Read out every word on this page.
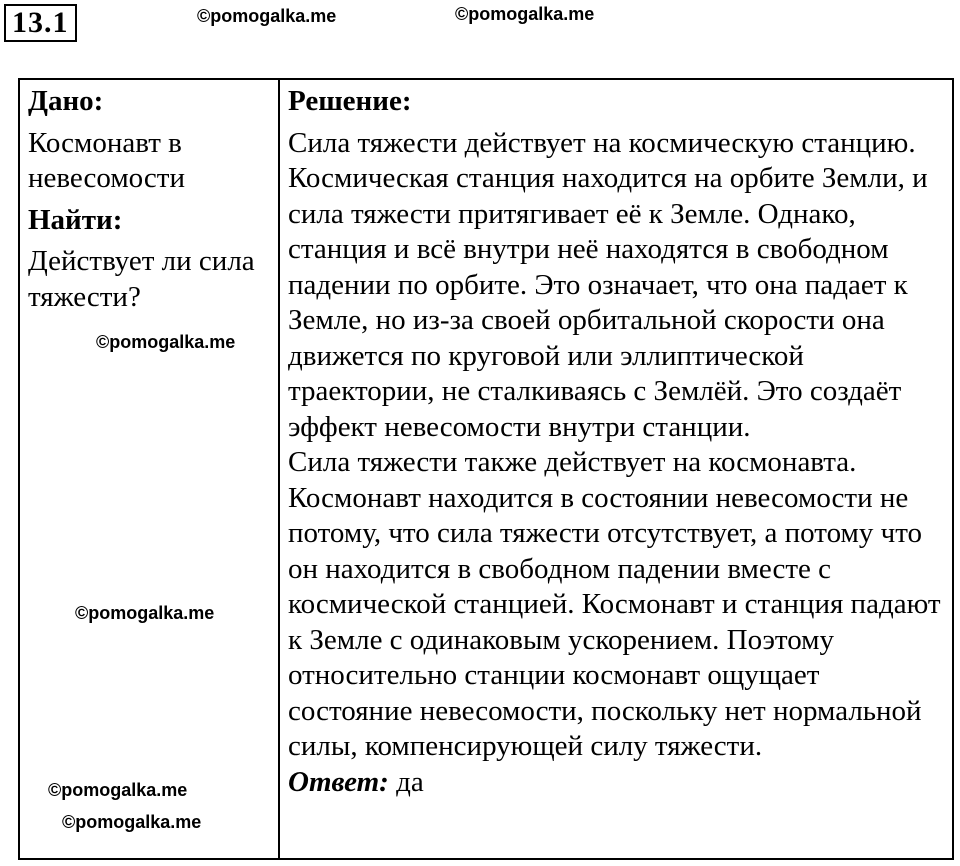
13.1	©pomogalka.me	©pomogalka.me
Дано:
Космонавт в невесомости
Найти:
Действует ли сила тяжести?
Решение:

Сила тяжести действует на космическую станцию. Космическая станция находится на орбите Земли, и сила тяжести притягивает её к Земле. Однако, станция и всё внутри неё находятся в свободном падении по орбите. Это означает, что она падает к Земле, но из-за своей орбитальной скорости она движется по круговой или эллиптической траектории, не сталкиваясь с Землёй. Это создаёт эффект невесомости внутри станции.

Сила тяжести также действует на космонавта. Космонавт находится в состоянии невесомости не потому, что сила тяжести отсутствует, а потому что он находится в свободном падении вместе с космической станцией. Космонавт и станция падают к Земле с одинаковым ускорением. Поэтому относительно станции космонавт ощущает состояние невесомости, поскольку нет нормальной силы, компенсирующей силу тяжести.

Ответ: да

©pomogalka.me
©pomogalka.me
©pomogalka.me
©pomogalka.me
